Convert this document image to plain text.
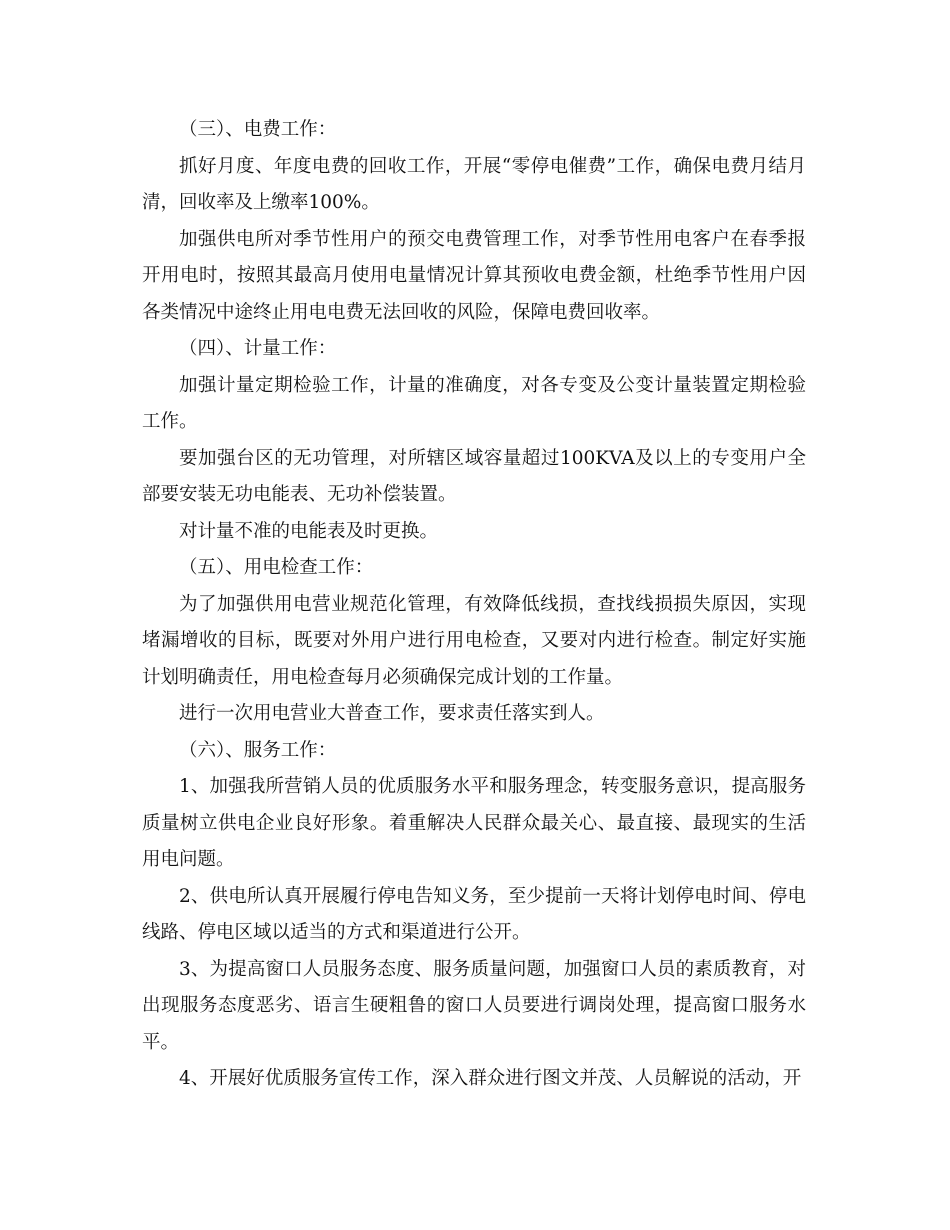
（三）、电费工作：

抓好月度、年度电费的回收工作，开展“零停电催费”工作，确保电费月结月清，回收率及上缴率100%。

加强供电所对季节性用户的预交电费管理工作，对季节性用电客户在春季报开用电时，按照其最高月使用电量情况计算其预收电费金额，杜绝季节性用户因各类情况中途终止用电电费无法回收的风险，保障电费回收率。

（四）、计量工作：

加强计量定期检验工作，计量的准确度，对各专变及公变计量装置定期检验工作。

要加强台区的无功管理，对所辖区域容量超过100KVA及以上的专变用户全部要安装无功电能表、无功补偿装置。

对计量不准的电能表及时更换。

（五）、用电检查工作：

为了加强供用电营业规范化管理，有效降低线损，查找线损损失原因，实现堵漏增收的目标，既要对外用户进行用电检查，又要对内进行检查。制定好实施计划明确责任，用电检查每月必须确保完成计划的工作量。

进行一次用电营业大普查工作，要求责任落实到人。

（六）、服务工作：

1、加强我所营销人员的优质服务水平和服务理念，转变服务意识，提高服务质量树立供电企业良好形象。着重解决人民群众最关心、最直接、最现实的生活用电问题。

2、供电所认真开展履行停电告知义务，至少提前一天将计划停电时间、停电线路、停电区域以适当的方式和渠道进行公开。

3、为提高窗口人员服务态度、服务质量问题，加强窗口人员的素质教育，对出现服务态度恶劣、语言生硬粗鲁的窗口人员要进行调岗处理，提高窗口服务水平。

4、开展好优质服务宣传工作，深入群众进行图文并茂、人员解说的活动，开
